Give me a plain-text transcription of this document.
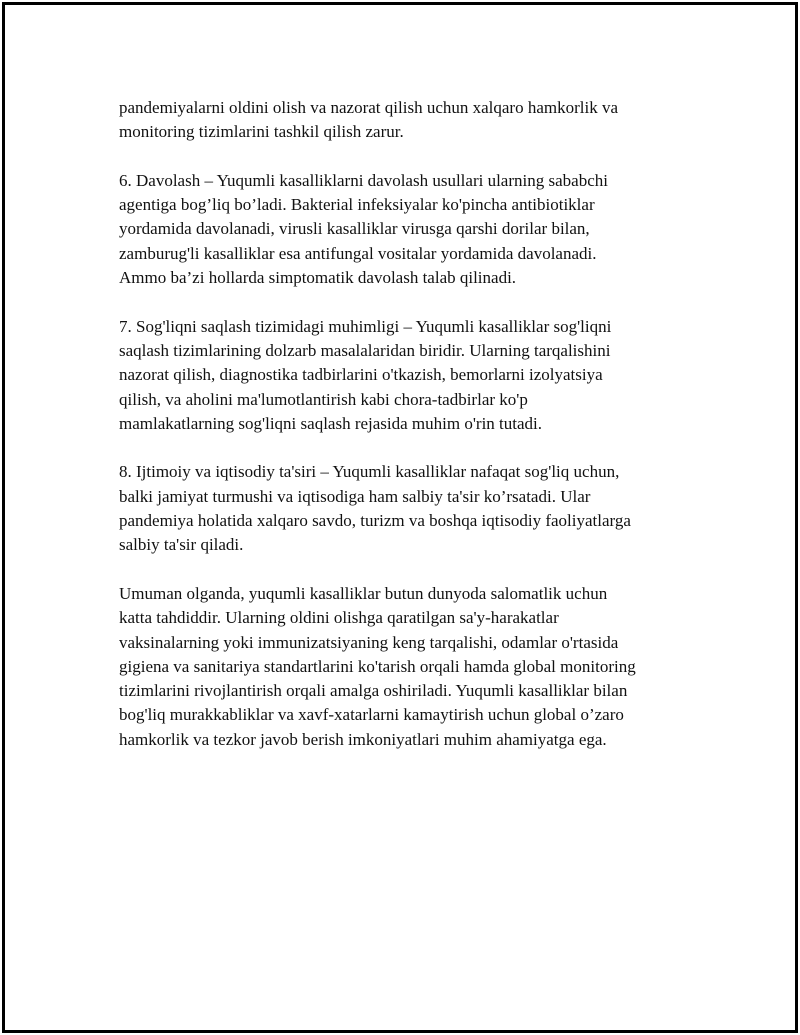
pandemiyalarni oldini olish va nazorat qilish uchun xalqaro hamkorlik va
monitoring tizimlarini tashkil qilish zarur.
6. Davolash – Yuqumli kasalliklarni davolash usullari ularning sababchi
agentiga bog’liq bo’ladi. Bakterial infeksiyalar ko'pincha antibiotiklar
yordamida davolanadi, virusli kasalliklar virusga qarshi dorilar bilan,
zamburug'li kasalliklar esa antifungal vositalar yordamida davolanadi.
Ammo ba’zi hollarda simptomatik davolash talab qilinadi.
7. Sog'liqni saqlash tizimidagi muhimligi – Yuqumli kasalliklar sog'liqni
saqlash tizimlarining dolzarb masalalaridan biridir. Ularning tarqalishini
nazorat qilish, diagnostika tadbirlarini o'tkazish, bemorlarni izolyatsiya
qilish, va aholini ma'lumotlantirish kabi chora-tadbirlar ko'p
mamlakatlarning sog'liqni saqlash rejasida muhim o'rin tutadi.
8. Ijtimoiy va iqtisodiy ta'siri – Yuqumli kasalliklar nafaqat sog'liq uchun,
balki jamiyat turmushi va iqtisodiga ham salbiy ta'sir ko’rsatadi. Ular
pandemiya holatida xalqaro savdo, turizm va boshqa iqtisodiy faoliyatlarga
salbiy ta'sir qiladi.
Umuman olganda, yuqumli kasalliklar butun dunyoda salomatlik uchun
katta tahdiddir. Ularning oldini olishga qaratilgan sa'y-harakatlar
vaksinalarning yoki immunizatsiyaning keng tarqalishi, odamlar o'rtasida
gigiena va sanitariya standartlarini ko'tarish orqali hamda global monitoring
tizimlarini rivojlantirish orqali amalga oshiriladi. Yuqumli kasalliklar bilan
bog'liq murakkabliklar va xavf-xatarlarni kamaytirish uchun global o’zaro
hamkorlik va tezkor javob berish imkoniyatlari muhim ahamiyatga ega.
